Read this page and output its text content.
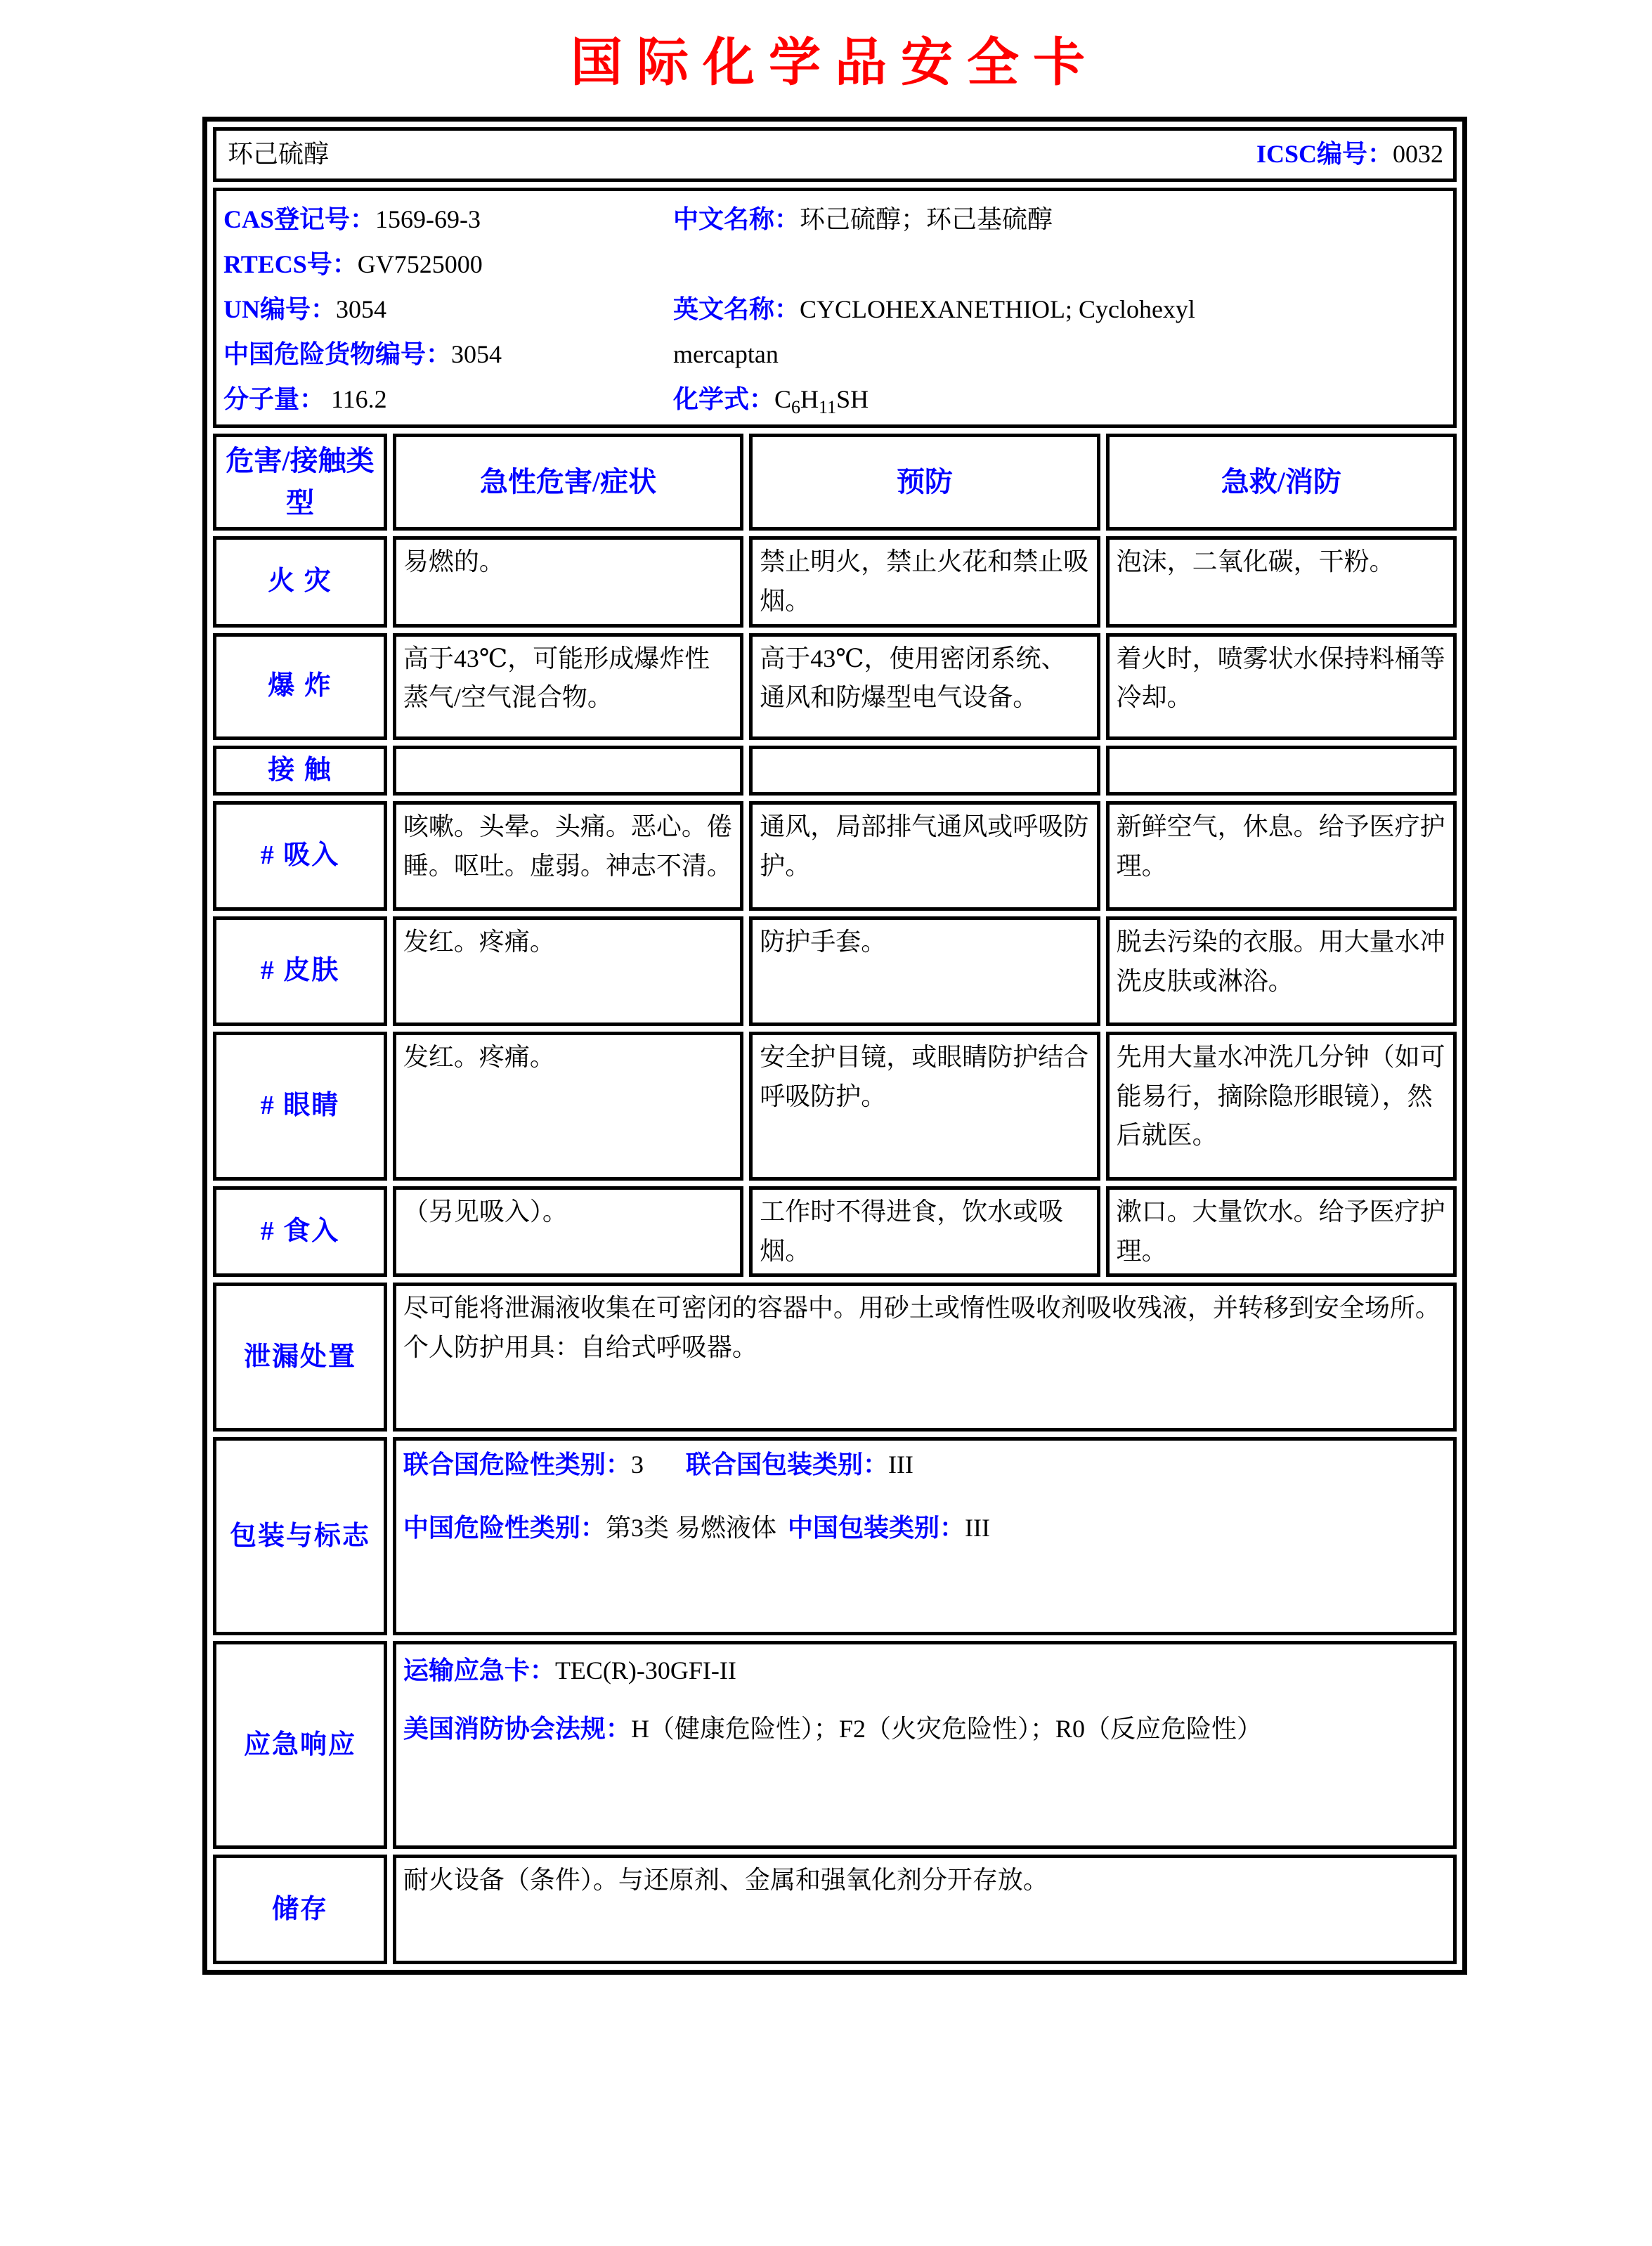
国际化学品安全卡
环己硫醇 ICSC编号：0032			

CAS登记号：1569-69-3
RTECS号：GV7525000
UN编号：3054
中国危险货物编号：3054
分子量： 116.2
中文名称：环己硫醇；环己基硫醇
英文名称：CYCLOHEXANETHIOL; Cyclohexyl mercaptan
化学式：$C_6H_{11}SH$

危害/接触类型	急性危害/症状	预防	急救/消防
火 灾	易燃的。	禁止明火，禁止火花和禁止吸烟。	泡沫，二氧化碳，干粉。
爆 炸	高于43℃，可能形成爆炸性蒸气/空气混合物。	高于43℃，使用密闭系统、通风和防爆型电气设备。	着火时，喷雾状水保持料桶等冷却。
接 触			
# 吸入	咳嗽。头晕。头痛。恶心。倦睡。呕吐。虚弱。神志不清。	通风，局部排气通风或呼吸防护。	新鲜空气，休息。给予医疗护理。
# 皮肤	发红。疼痛。	防护手套。	脱去污染的衣服。用大量水冲洗皮肤或淋浴。
# 眼睛	发红。疼痛。	安全护目镜，或眼睛防护结合呼吸防护。	先用大量水冲洗几分钟（如可能易行，摘除隐形眼镜），然后就医。
# 食入	（另见吸入）。	工作时不得进食，饮水或吸烟。	漱口。大量饮水。给予医疗护理。
泄漏处置	尽可能将泄漏液收集在可密闭的容器中。用砂土或惰性吸收剂吸收残液，并转移到安全场所。个人防护用具：自给式呼吸器。		
包装与标志	联合国危险性类别：3 联合国包装类别：III
中国危险性类别：第3类 易燃液体 中国包装类别：III		

应急响应	运输应急卡：TEC(R)-30GFI-II
美国消防协会法规：H（健康危险性）；F2（火灾危险性）；R0（反应危险性）		

储存	耐火设备（条件）。与还原剂、金属和强氧化剂分开存放。		
